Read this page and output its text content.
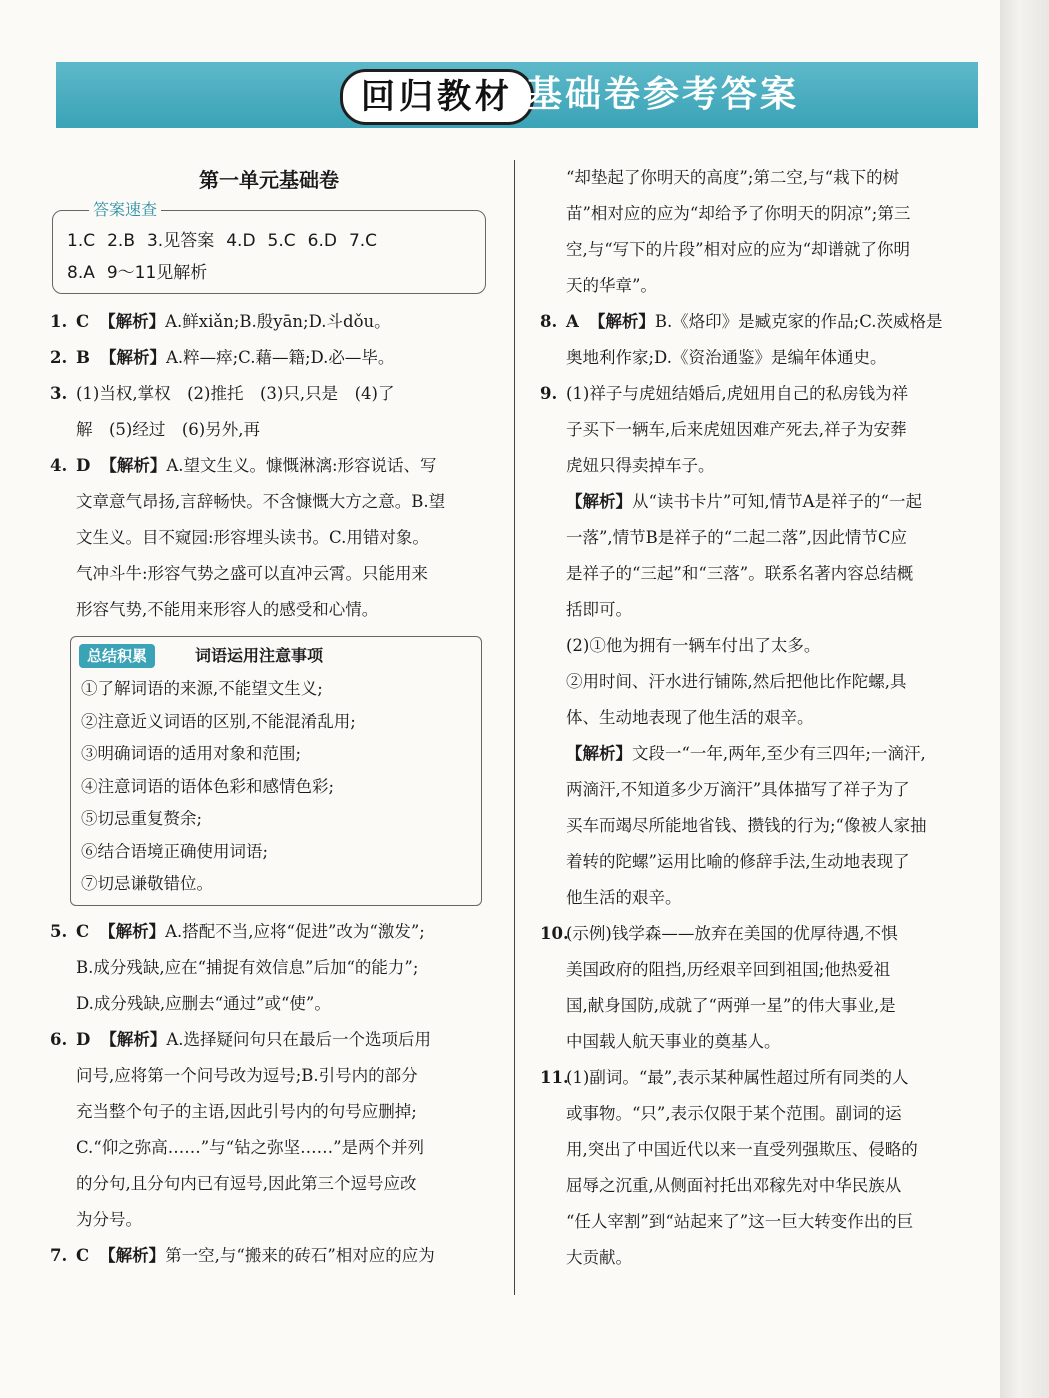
回归教材 基础卷参考答案
第一单元基础卷
答案速查
1.C 2.B 3.见答案 4.D 5.C 6.D 7.C
8.A 9～11见解析
1. C 【解析】A.鲜xiǎn;B.殷yān;D.斗dǒu。
2. B 【解析】A.粹—瘁;C.藉—籍;D.必—毕。
3. (1)当权,掌权　(2)推托　(3)只,只是　(4)了
解　(5)经过　(6)另外,再
4. D 【解析】A.望文生义。慷慨淋漓:形容说话、写
文章意气昂扬,言辞畅快。不含慷慨大方之意。B.望
文生义。目不窥园:形容埋头读书。C.用错对象。
气冲斗牛:形容气势之盛可以直冲云霄。只能用来
形容气势,不能用来形容人的感受和心情。
总结积累	词语运用注意事项
①了解词语的来源,不能望文生义;
②注意近义词语的区别,不能混淆乱用;
③明确词语的适用对象和范围;
④注意词语的语体色彩和感情色彩;
⑤切忌重复赘余;
⑥结合语境正确使用词语;
⑦切忌谦敬错位。
5. C 【解析】A.搭配不当,应将“促进”改为“激发”;
B.成分残缺,应在“捕捉有效信息”后加“的能力”;
D.成分残缺,应删去“通过”或“使”。
6. D 【解析】A.选择疑问句只在最后一个选项后用
问号,应将第一个问号改为逗号;B.引号内的部分
充当整个句子的主语,因此引号内的句号应删掉;
C.“仰之弥高……”与“钻之弥坚……”是两个并列
的分句,且分句内已有逗号,因此第三个逗号应改
为分号。
7. C 【解析】第一空,与“搬来的砖石”相对应的应为
“却垫起了你明天的高度”;第二空,与“栽下的树
苗”相对应的应为“却给予了你明天的阴凉”;第三
空,与“写下的片段”相对应的应为“却谱就了你明
天的华章”。
8. A 【解析】B.《烙印》是臧克家的作品;C.茨威格是
奥地利作家;D.《资治通鉴》是编年体通史。
9. (1)祥子与虎妞结婚后,虎妞用自己的私房钱为祥
子买下一辆车,后来虎妞因难产死去,祥子为安葬
虎妞只得卖掉车子。
【解析】从“读书卡片”可知,情节A是祥子的“一起
一落”,情节B是祥子的“二起二落”,因此情节C应
是祥子的“三起”和“三落”。联系名著内容总结概
括即可。
(2)①他为拥有一辆车付出了太多。
②用时间、汗水进行铺陈,然后把他比作陀螺,具
体、生动地表现了他生活的艰辛。
【解析】文段一“一年,两年,至少有三四年;一滴汗,
两滴汗,不知道多少万滴汗”具体描写了祥子为了
买车而竭尽所能地省钱、攒钱的行为;“像被人家抽
着转的陀螺”运用比喻的修辞手法,生动地表现了
他生活的艰辛。
10.
(示例)钱学森——放弃在美国的优厚待遇,不惧
美国政府的阻挡,历经艰辛回到祖国;他热爱祖
国,献身国防,成就了“两弹一星”的伟大事业,是
中国载人航天事业的奠基人。
11.
(1)副词。“最”,表示某种属性超过所有同类的人
或事物。“只”,表示仅限于某个范围。副词的运
用,突出了中国近代以来一直受列强欺压、侵略的
屈辱之沉重,从侧面衬托出邓稼先对中华民族从
“任人宰割”到“站起来了”这一巨大转变作出的巨
大贡献。
